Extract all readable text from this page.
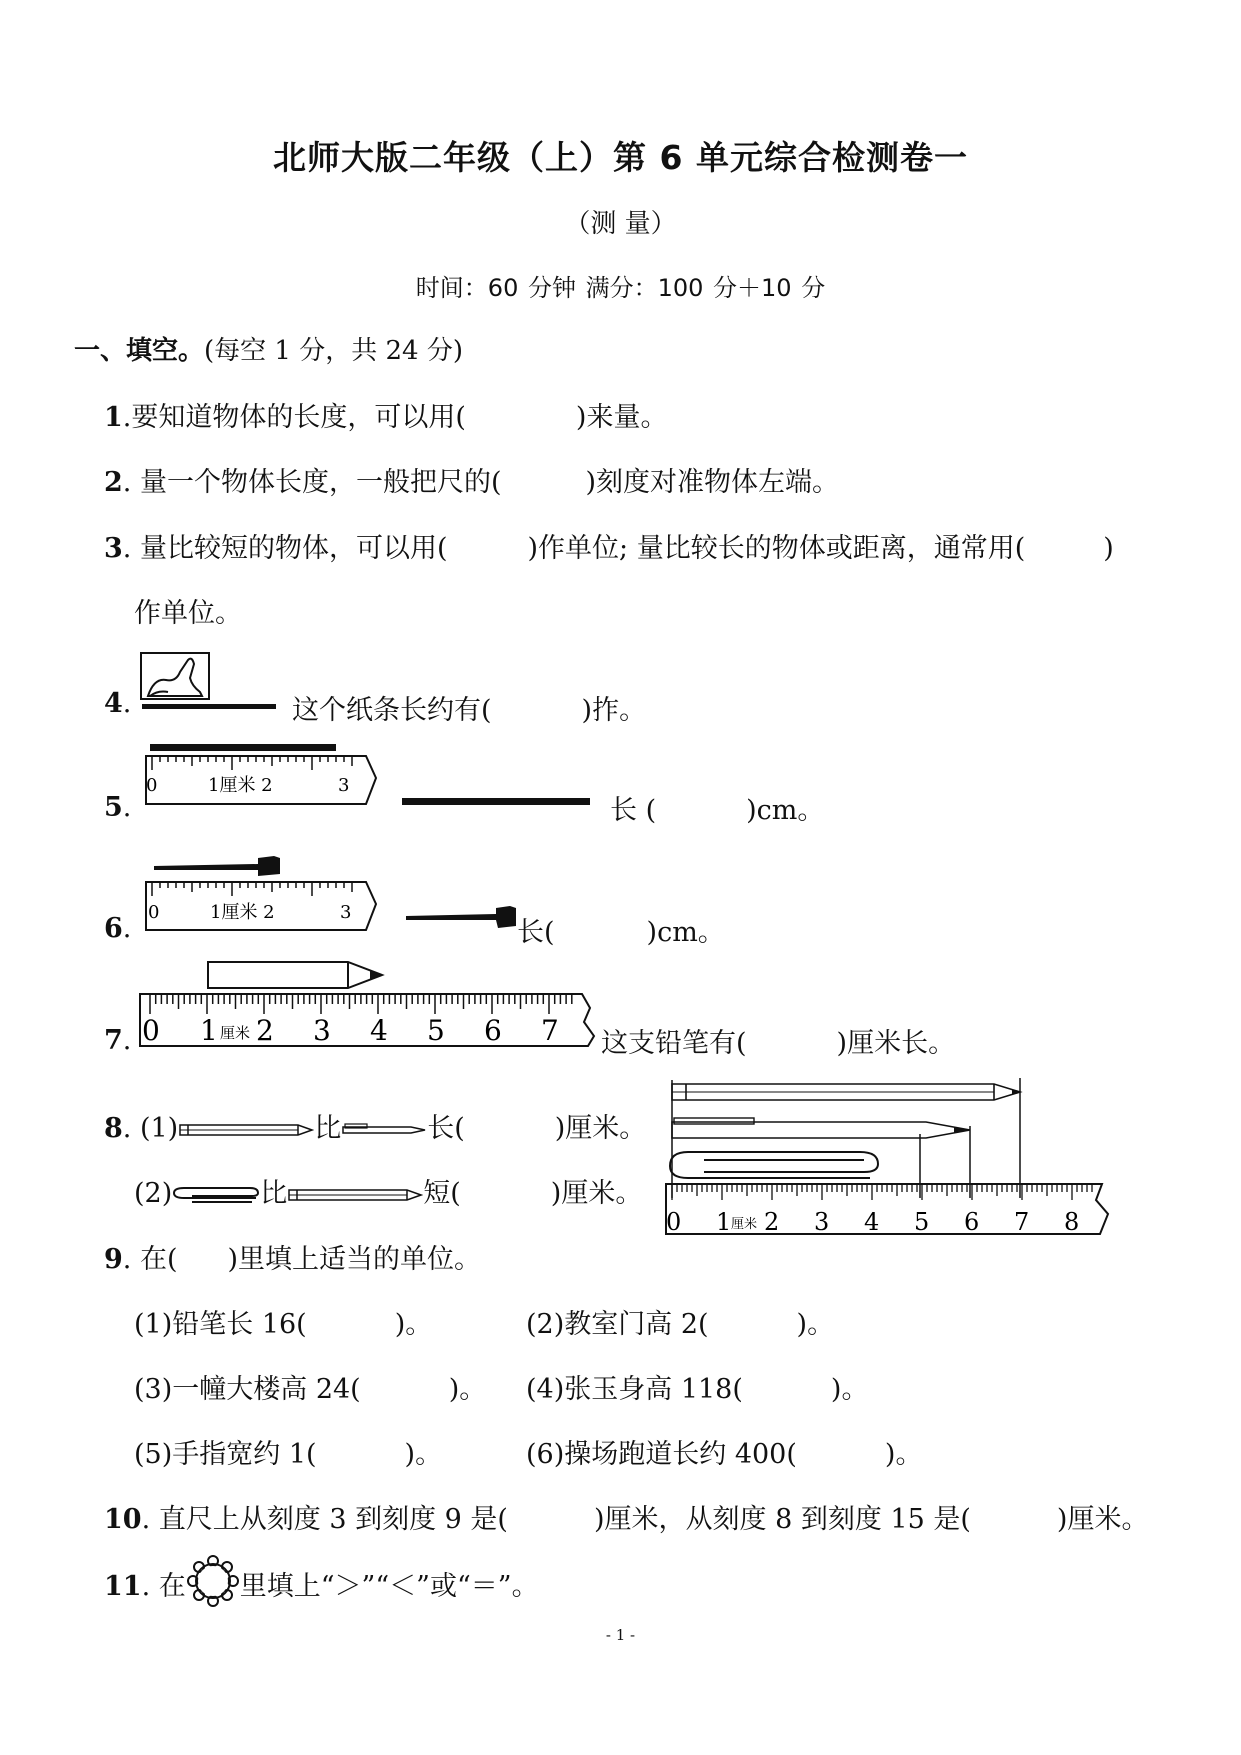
北师大版二年级（上）第 6 单元综合检测卷一
（测 量）
时间：60 分钟 满分：100 分＋10 分
一、填空。(每空 1 分，共 24 分)
1.要知道物体的长度，可以用(	)来量。
2. 量一个物体长度，一般把尺的(	)刻度对准物体左端。
3. 量比较短的物体，可以用(	)作单位; 量比较长的物体或距离，通常用(	)
作单位。
4.	这个纸条长约有(	)拃。
5.
0	1厘米 2	3
长 (	)cm。
6.
0	1厘米 2	3
长(	)cm。
7. 0 1 厘米 2 3 4 5 6 7 这支铅笔有(	)厘米长。
8. (1)	比	长(	)厘米。
(2)	比	短(	)厘米。
0 1 厘米 2 3 4 5 6 7 8
9. 在( )里填上适当的单位。
(1)铅笔长 16(	)。	(2)教室门高 2(	)。
(3)一幢大楼高 24(	)。 (4)张玉身高 118(	)。
(5)手指宽约 1(	)。	(6)操场跑道长约 400(	)。
10. 直尺上从刻度 3 到刻度 9 是(	)厘米，从刻度 8 到刻度 15 是(	)厘米。
11. 在 里填上“＞”“＜”或“＝”。
- 1 -
